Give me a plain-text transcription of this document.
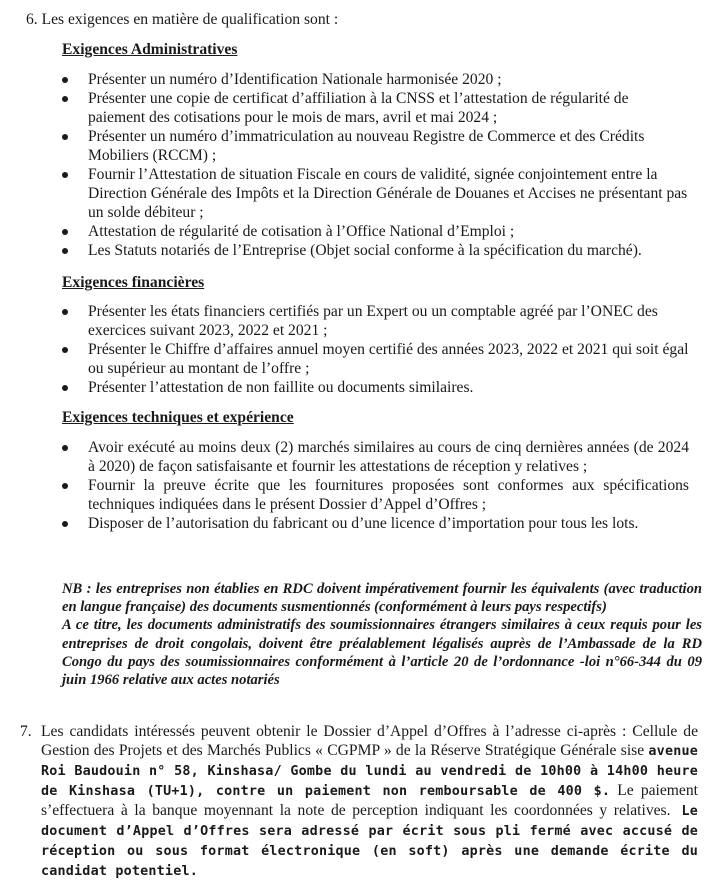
6. Les exigences en matière de qualification sont :
Exigences Administratives
Présenter un numéro d’Identification Nationale harmonisée 2020 ;
Présenter une copie de certificat d’affiliation à la CNSS et l’attestation de régularité de paiement des cotisations pour le mois de mars, avril et mai 2024 ;
Présenter un numéro d’immatriculation au nouveau Registre de Commerce et des Crédits Mobiliers (RCCM) ;
Fournir l’Attestation de situation Fiscale en cours de validité, signée conjointement entre la Direction Générale des Impôts et la Direction Générale de Douanes et Accises ne présentant pas un solde débiteur ;
Attestation de régularité de cotisation à l’Office National d’Emploi ;
Les Statuts notariés de l’Entreprise (Objet social conforme à la spécification du marché).
Exigences financières
Présenter les états financiers certifiés par un Expert ou un comptable agréé par l’ONEC des exercices suivant 2023, 2022 et 2021 ;
Présenter le Chiffre d’affaires annuel moyen certifié des années 2023, 2022 et 2021 qui soit égal ou supérieur au montant de l’offre ;
Présenter l’attestation de non faillite ou documents similaires.
Exigences techniques et expérience
Avoir exécuté au moins deux (2) marchés similaires au cours de cinq dernières années (de 2024 à 2020) de façon satisfaisante et fournir les attestations de réception y relatives ;
Fournir la preuve écrite que les fournitures proposées sont conformes aux spécifications techniques indiquées dans le présent Dossier d’Appel d’Offres ;
Disposer de l’autorisation du fabricant ou d’une licence d’importation pour tous les lots.

NB : les entreprises non établies en RDC doivent impérativement fournir les équivalents (avec traduction en langue française) des documents susmentionnés (conformément à leurs pays respectifs)

A ce titre, les documents administratifs des soumissionnaires étrangers similaires à ceux requis pour les entreprises de droit congolais, doivent être préalablement légalisés auprès de l’Ambassade de la RD Congo du pays des soumissionnaires conformément à l’article 20 de l’ordonnance -loi n°66-344 du 09 juin 1966 relative aux actes notariés

7. Les candidats intéressés peuvent obtenir le Dossier d’Appel d’Offres à l’adresse ci-après : Cellule de Gestion des Projets et des Marchés Publics « CGPMP » de la Réserve Stratégique Générale sise avenue Roi Baudouin n° 58, Kinshasa/ Gombe du lundi au vendredi de 10h00 à 14h00 heure de Kinshasa (TU+1), contre un paiement non remboursable de 400 $. Le paiement s’effectuera à la banque moyennant la note de perception indiquant les coordonnées y relatives. Le document d’Appel d’Offres sera adressé par écrit sous pli fermé avec accusé de réception ou sous format électronique (en soft) après une demande écrite du candidat potentiel.
